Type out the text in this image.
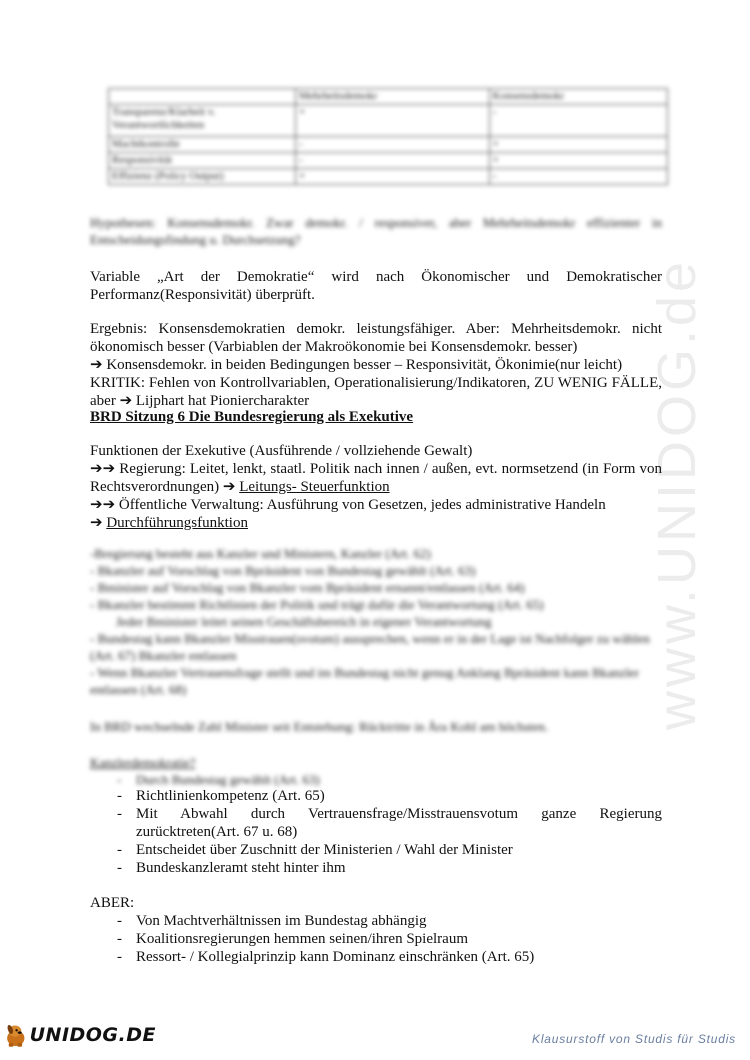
www.UNIDOG.de
	Mehrheitsdemokr	Konsensdemokr
Transparenz/Klarheit v. Verantwortlichkeiten	+	-
Machtkontrolle	-	+
Responsivität	-	+
Effizienz (Policy Output)	+	-
Hypothesen: Konsensdemokr. Zwar demokr. / responsiver, aber Mehrheitsdemokr effizienter in Entscheidungsfindung u. Durchsetzung?
Variable „Art der Demokratie“ wird nach Ökonomischer und Demokratischer Performanz(Responsivität) überprüft.
Ergebnis: Konsensdemokratien demokr. leistungsfähiger. Aber: Mehrheitsdemokr. nicht ökonomisch besser (Varbiablen der Makroökonomie bei Konsensdemokr. besser)
➔ Konsensdemokr. in beiden Bedingungen besser – Responsivität, Ökonimie(nur leicht)
KRITIK: Fehlen von Kontrollvariablen, Operationalisierung/Indikatoren, ZU WENIG FÄLLE, aber ➔ Lijphart hat Pioniercharakter
BRD Sitzung 6 Die Bundesregierung als Exekutive
Funktionen der Exekutive (Ausführende / vollziehende Gewalt)
➔➔ Regierung: Leitet, lenkt, staatl. Politik nach innen / außen, evt. normsetzend (in Form von Rechtsverordnungen) ➔ Leitungs- Steuerfunktion
➔➔ Öffentliche Verwaltung: Ausführung von Gesetzen, jedes administrative Handeln
➔ Durchführungsfunktion
-Bregierung besteht aus Kanzler und Ministern, Kanzler (Art. 62)
- Bkanzler auf Vorschlag von Bpräsident von Bundestag gewählt (Art. 63)
- Bminister auf Vorschlag von Bkanzler vom Bpräsident ernannt/entlassen (Art. 64)
- Bkanzler bestimmt Richtlinien der Politik und trägt dafür die Verantwortung (Art. 65)
Jeder Bminister leitet seinen Geschäftsbereich in eigener Verantwortung
- Bundestag kann Bkanzler Misstrauen(svotum) aussprechen, wenn er in der Lage ist Nachfolger zu wählen (Art. 67) Bkanzler entlassen
- Wenn Bkanzler Vertrauensfrage stellt und im Bundestag nicht genug Anklang Bpräsident kann Bkanzler entlassen (Art. 68)
In BRD wechselnde Zahl Minister seit Entstehung: Rücktritte in Ära Kohl am höchsten.
Kanzlerdemokratie?
- Durch Bundestag gewählt (Art. 63)
- Richtlinienkompetenz (Art. 65)
- Mit Abwahl durch Vertrauensfrage/Misstrauensvotum ganze Regierung zurücktreten(Art. 67 u. 68)
- Entscheidet über Zuschnitt der Ministerien / Wahl der Minister
- Bundeskanzleramt steht hinter ihm
ABER:
- Von Machtverhältnissen im Bundestag abhängig
- Koalitionsregierungen hemmen seinen/ihren Spielraum
- Ressort- / Kollegialprinzip kann Dominanz einschränken (Art. 65)
UNIDOG.DE	Klausurstoff von Studis für Studis
